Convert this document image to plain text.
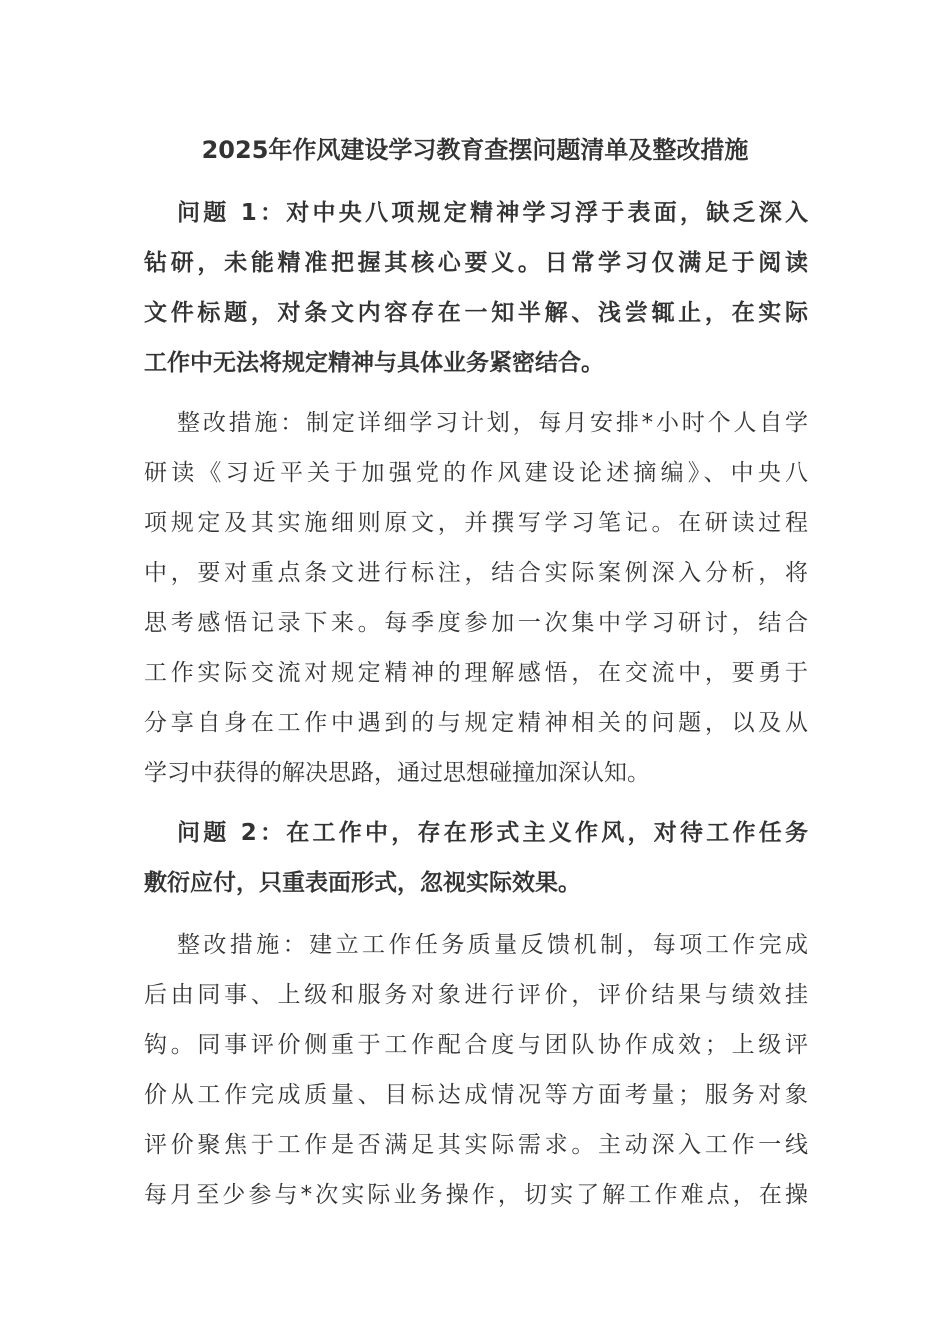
2025年作风建设学习教育查摆问题清单及整改措施
问题 1：对中央八项规定精神学习浮于表面，缺乏深入
钻研，未能精准把握其核心要义。日常学习仅满足于阅读
文件标题，对条文内容存在一知半解、浅尝辄止，在实际
工作中无法将规定精神与具体业务紧密结合。
整改措施：制定详细学习计划，每月安排*小时个人自学
研读《习近平关于加强党的作风建设论述摘编》、中央八
项规定及其实施细则原文，并撰写学习笔记。在研读过程
中，要对重点条文进行标注，结合实际案例深入分析，将
思考感悟记录下来。每季度参加一次集中学习研讨，结合
工作实际交流对规定精神的理解感悟，在交流中，要勇于
分享自身在工作中遇到的与规定精神相关的问题，以及从
学习中获得的解决思路，通过思想碰撞加深认知。
问题 2：在工作中，存在形式主义作风，对待工作任务
敷衍应付，只重表面形式，忽视实际效果。
整改措施：建立工作任务质量反馈机制，每项工作完成
后由同事、上级和服务对象进行评价，评价结果与绩效挂
钩。同事评价侧重于工作配合度与团队协作成效；上级评
价从工作完成质量、目标达成情况等方面考量；服务对象
评价聚焦于工作是否满足其实际需求。主动深入工作一线
每月至少参与*次实际业务操作，切实了解工作难点，在操
